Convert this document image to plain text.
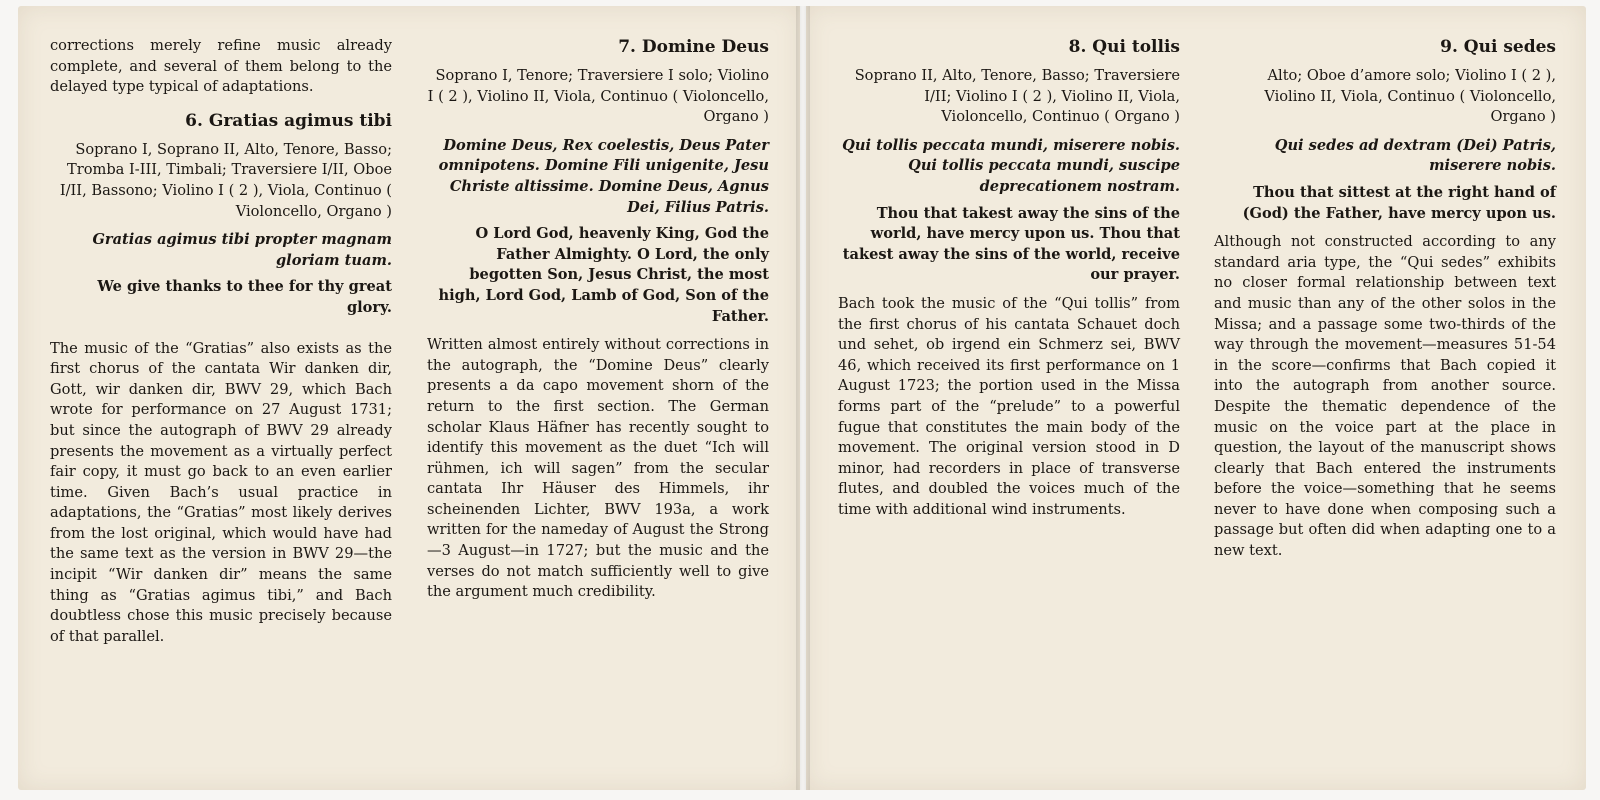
corrections merely refine music already complete, and several of them belong to the delayed type typical of adaptations.

6. Gratias agimus tibi

Soprano I, Soprano II, Alto, Tenore, Basso; Tromba I-III, Timbali; Traversiere I/II, Oboe I/II, Bassono; Violino I ( 2 ), Viola, Continuo ( Violoncello, Organo )

Gratias agimus tibi propter magnam gloriam tuam.

We give thanks to thee for thy great glory.

The music of the “Gratias” also exists as the first chorus of the cantata Wir danken dir, Gott, wir danken dir, BWV 29, which Bach wrote for performance on 27 August 1731; but since the autograph of BWV 29 already presents the movement as a virtually perfect fair copy, it must go back to an even earlier time. Given Bach’s usual practice in adaptations, the “Gratias” most likely derives from the lost original, which would have had the same text as the version in BWV 29—the incipit “Wir danken dir” means the same thing as “Gratias agimus tibi,” and Bach doubtless chose this music precisely because of that parallel.

7. Domine Deus

Soprano I, Tenore; Traversiere I solo; Violino I ( 2 ), Violino II, Viola, Continuo ( Violoncello, Organo )

Domine Deus, Rex coelestis, Deus Pater omnipotens. Domine Fili unigenite, Jesu Christe altissime. Domine Deus, Agnus Dei, Filius Patris.

O Lord God, heavenly King, God the Father Almighty. O Lord, the only begotten Son, Jesus Christ, the most high, Lord God, Lamb of God, Son of the Father.

Written almost entirely without corrections in the autograph, the “Domine Deus” clearly presents a da capo movement shorn of the return to the first section. The German scholar Klaus Häfner has recently sought to identify this movement as the duet “Ich will rühmen, ich will sagen” from the secular cantata Ihr Häuser des Himmels, ihr scheinenden Lichter, BWV 193a, a work written for the nameday of August the Strong—3 August—in 1727; but the music and the verses do not match sufficiently well to give the argument much credibility.

8. Qui tollis

Soprano II, Alto, Tenore, Basso; Traversiere I/II; Violino I ( 2 ), Violino II, Viola, Violoncello, Continuo ( Organo )

Qui tollis peccata mundi, miserere nobis. Qui tollis peccata mundi, suscipe deprecationem nostram.

Thou that takest away the sins of the world, have mercy upon us. Thou that takest away the sins of the world, receive our prayer.

Bach took the music of the “Qui tollis” from the first chorus of his cantata Schauet doch und sehet, ob irgend ein Schmerz sei, BWV 46, which received its first performance on 1 August 1723; the portion used in the Missa forms part of the “prelude” to a powerful fugue that constitutes the main body of the movement. The original version stood in D minor, had recorders in place of transverse flutes, and doubled the voices much of the time with additional wind instruments.

9. Qui sedes

Alto; Oboe d’amore solo; Violino I ( 2 ), Violino II, Viola, Continuo ( Violoncello, Organo )

Qui sedes ad dextram (Dei) Patris, miserere nobis.

Thou that sittest at the right hand of (God) the Father, have mercy upon us.

Although not constructed according to any standard aria type, the “Qui sedes” exhibits no closer formal relationship between text and music than any of the other solos in the Missa; and a passage some two-thirds of the way through the movement—measures 51-54 in the score—confirms that Bach copied it into the autograph from another source. Despite the thematic dependence of the music on the voice part at the place in question, the layout of the manuscript shows clearly that Bach entered the instruments before the voice—something that he seems never to have done when composing such a passage but often did when adapting one to a new text.
